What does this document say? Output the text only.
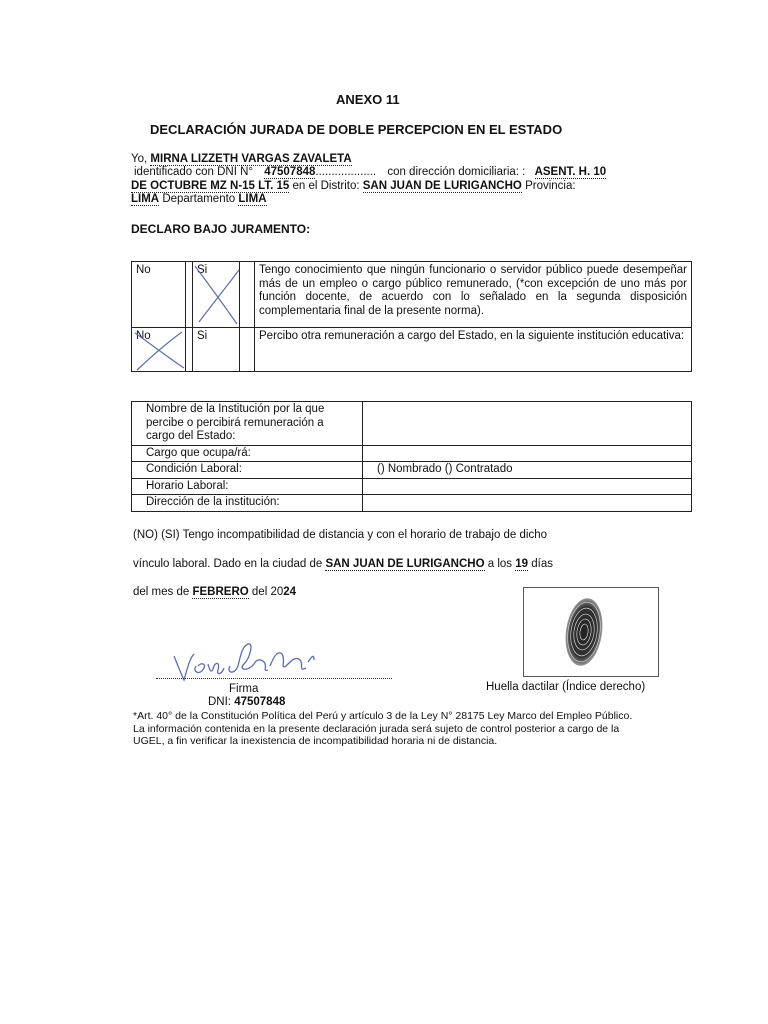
ANEXO 11
DECLARACIÓN JURADA DE DOBLE PERCEPCION EN EL ESTADO
Yo, MIRNA LIZZETH VARGAS ZAVALETA
identificado con DNI N° 47507848................... con dirección domiciliaria: : ASENT. H. 10
DE OCTUBRE MZ N-15 LT. 15 en el Distrito: SAN JUAN DE LURIGANCHO Provincia:
LIMA Departamento LIMA
DECLARO BAJO JURAMENTO:
No		Si		Tengo conocimiento que ningún funcionario o servidor público puede desempeñar más de un empleo o cargo público remunerado, (*con excepción de uno más por función docente, de acuerdo con lo señalado en la segunda disposición complementaria final de la presente norma).
No		Si		Percibo otra remuneración a cargo del Estado, en la siguiente institución educativa:
Nombre de la Institución por la que percibe o percibirá remuneración a cargo del Estado:	
Cargo que ocupa/rá:	
Condición Laboral:	() Nombrado () Contratado
Horario Laboral:	
Dirección de la institución:	
(NO) (SI) Tengo incompatibilidad de distancia y con el horario de trabajo de dicho
vínculo laboral. Dado en la ciudad de SAN JUAN DE LURIGANCHO a los 19 días
del mes de FEBRERO del 2024
Firma
DNI: 47507848
Huella dactilar (Índice derecho)
*Art. 40° de la Constitución Política del Perú y artículo 3 de la Ley N° 28175 Ley Marco del Empleo Público.
La información contenida en la presente declaración jurada será sujeto de control posterior a cargo de la
UGEL, a fin verificar la inexistencia de incompatibilidad horaria ni de distancia.
